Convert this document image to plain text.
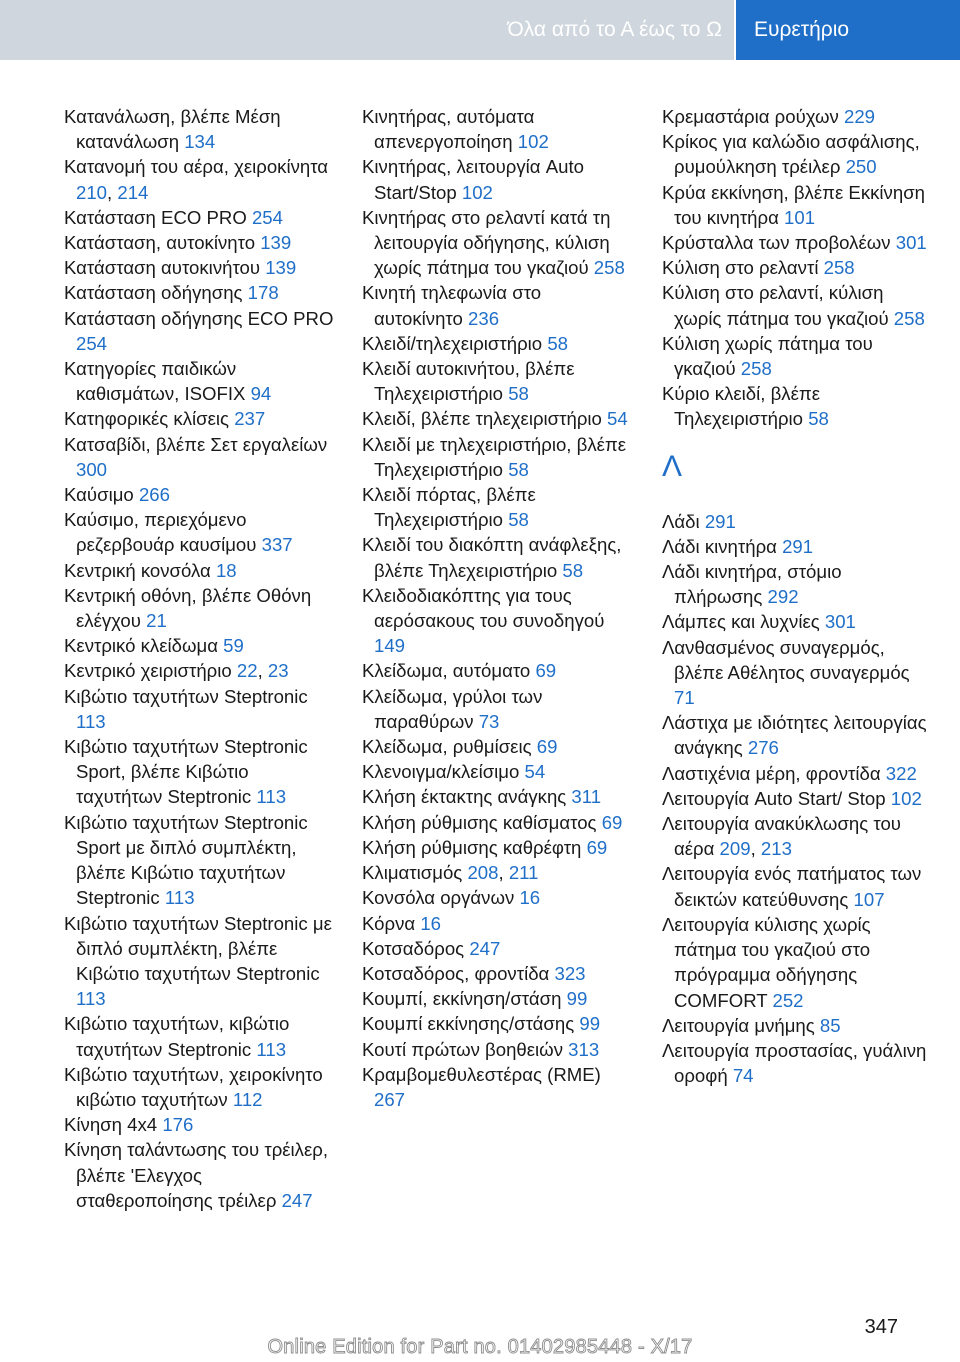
Όλα από το Α έως το Ω Ευρετήριο
Κατανάλωση, βλέπε Μέση κατανάλωση 134
Κατανομή του αέρα, χειροκίνητα 210, 214
Κατάσταση ECO PRO 254
Κατάσταση, αυτοκίνητο 139
Κατάσταση αυτοκινήτου 139
Κατάσταση οδήγησης 178
Κατάσταση οδήγησης ECO PRO 254
Κατηγορίες παιδικών καθισμάτων, ISOFIX 94
Κατηφορικές κλίσεις 237
Κατσαβίδι, βλέπε Σετ εργαλείων 300
Καύσιμο 266
Καύσιμο, περιεχόμενο ρεζερβουάρ καυσίμου 337
Κεντρική κονσόλα 18
Κεντρική οθόνη, βλέπε Οθόνη ελέγχου 21
Κεντρικό κλείδωμα 59
Κεντρικό χειριστήριο 22, 23
Κιβώτιο ταχυτήτων Steptronic 113
Κιβώτιο ταχυτήτων Steptronic Sport, βλέπε Κιβώτιο ταχυτήτων Steptronic 113
Κιβώτιο ταχυτήτων Steptronic Sport με διπλό συμπλέκτη, βλέπε Κιβώτιο ταχυτήτων Steptronic 113
Κιβώτιο ταχυτήτων Steptronic με διπλό συμπλέκτη, βλέπε Κιβώτιο ταχυτήτων Steptronic 113
Κιβώτιο ταχυτήτων, κιβώτιο ταχυτήτων Steptronic 113
Κιβώτιο ταχυτήτων, χειροκίνητο κιβώτιο ταχυτήτων 112
Κίνηση 4x4 176
Κίνηση ταλάντωσης του τρέιλερ, βλέπε 'Ελεγχος σταθεροποίησης τρέιλερ 247
Κινητήρας, αυτόματα απενεργοποίηση 102
Κινητήρας, λειτουργία Auto Start/Stop 102
Κινητήρας στο ρελαντί κατά τη λειτουργία οδήγησης, κύλιση χωρίς πάτημα του γκαζιού 258
Κινητή τηλεφωνία στο αυτοκίνητο 236
Κλειδί/τηλεχειριστήριο 58
Κλειδί αυτοκινήτου, βλέπε Τηλεχειριστήριο 58
Κλειδί, βλέπε τηλεχειριστήριο 54
Κλειδί με τηλεχειριστήριο, βλέπε Τηλεχειριστήριο 58
Κλειδί πόρτας, βλέπε Τηλεχειριστήριο 58
Κλειδί του διακόπτη ανάφλεξης, βλέπε Τηλεχειριστήριο 58
Κλειδοδιακόπτης για τους αερόσακους του συνοδηγού 149
Κλείδωμα, αυτόματο 69
Κλείδωμα, γρύλοι των παραθύρων 73
Κλείδωμα, ρυθμίσεις 69
Κλενοιγμα/κλείσιμο 54
Κλήση έκτακτης ανάγκης 311
Κλήση ρύθμισης καθίσματος 69
Κλήση ρύθμισης καθρέφτη 69
Κλιματισμός 208, 211
Κονσόλα οργάνων 16
Κόρνα 16
Κοτσαδόρος 247
Κοτσαδόρος, φροντίδα 323
Κουμπί, εκκίνηση/στάση 99
Κουμπί εκκίνησης/στάσης 99
Κουτί πρώτων βοηθειών 313
Κραμβομεθυλεστέρας (RME) 267
Κρεμαστάρια ρούχων 229
Κρίκος για καλώδιο ασφάλισης, ρυμούλκηση τρέιλερ 250
Κρύα εκκίνηση, βλέπε Εκκίνηση του κινητήρα 101
Κρύσταλλα των προβολέων 301
Κύλιση στο ρελαντί 258
Κύλιση στο ρελαντί, κύλιση χωρίς πάτημα του γκαζιού 258
Κύλιση χωρίς πάτημα του γκαζιού 258
Κύριο κλειδί, βλέπε Τηλεχειριστήριο 58
Λ
Λάδι 291
Λάδι κινητήρα 291
Λάδι κινητήρα, στόμιο πλήρωσης 292
Λάμπες και λυχνίες 301
Λανθασμένος συναγερμός, βλέπε Αθέλητος συναγερμός 71
Λάστιχα με ιδιότητες λειτουργίας ανάγκης 276
Λαστιχένια μέρη, φροντίδα 322
Λειτουργία Auto Start/ Stop 102
Λειτουργία ανακύκλωσης του αέρα 209, 213
Λειτουργία ενός πατήματος των δεικτών κατεύθυνσης 107
Λειτουργία κύλισης χωρίς πάτημα του γκαζιού στο πρόγραμμα οδήγησης COMFORT 252
Λειτουργία μνήμης 85
Λειτουργία προστασίας, γυάλινη οροφή 74
347
Online Edition for Part no. 01402985448 - X/17
